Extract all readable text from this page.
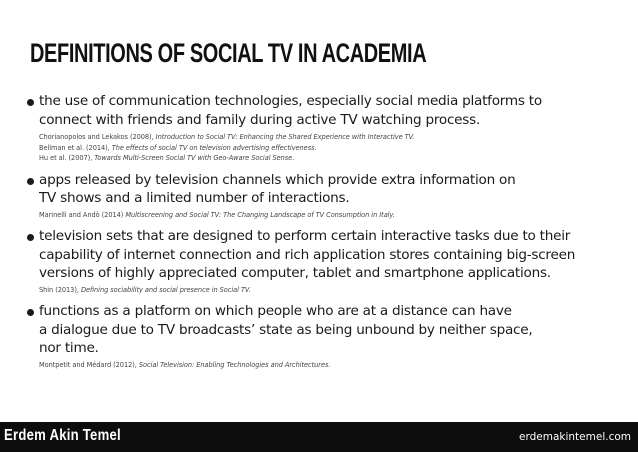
DEFINITIONS OF SOCIAL TV IN ACADEMIA
the use of communication technologies, especially social media platforms to
connect with friends and family during active TV watching process.
Chorianopolos and Lekakos (2008), Introduction to Social TV: Enhancing the Shared Experience with Interactive TV.
Bellman et al. (2014), The effects of social TV on television advertising effectiveness.
Hu et al. (2007), Towards Multi-Screen Social TV with Geo-Aware Social Sense.
apps released by television channels which provide extra information on
TV shows and a limited number of interactions.
Marinelli and Andò (2014) Multiscreening and Social TV: The Changing Landscape of TV Consumption in Italy.
television sets that are designed to perform certain interactive tasks due to their
capability of internet connection and rich application stores containing big-screen
versions of highly appreciated computer, tablet and smartphone applications.
Shin (2013), Defining sociability and social presence in Social TV.
functions as a platform on which people who are at a distance can have
a dialogue due to TV broadcasts’ state as being unbound by neither space,
nor time.
Montpetit and Médard (2012), Social Television: Enabling Technologies and Architectures.
Erdem Akin Temel	erdemakintemel.com
